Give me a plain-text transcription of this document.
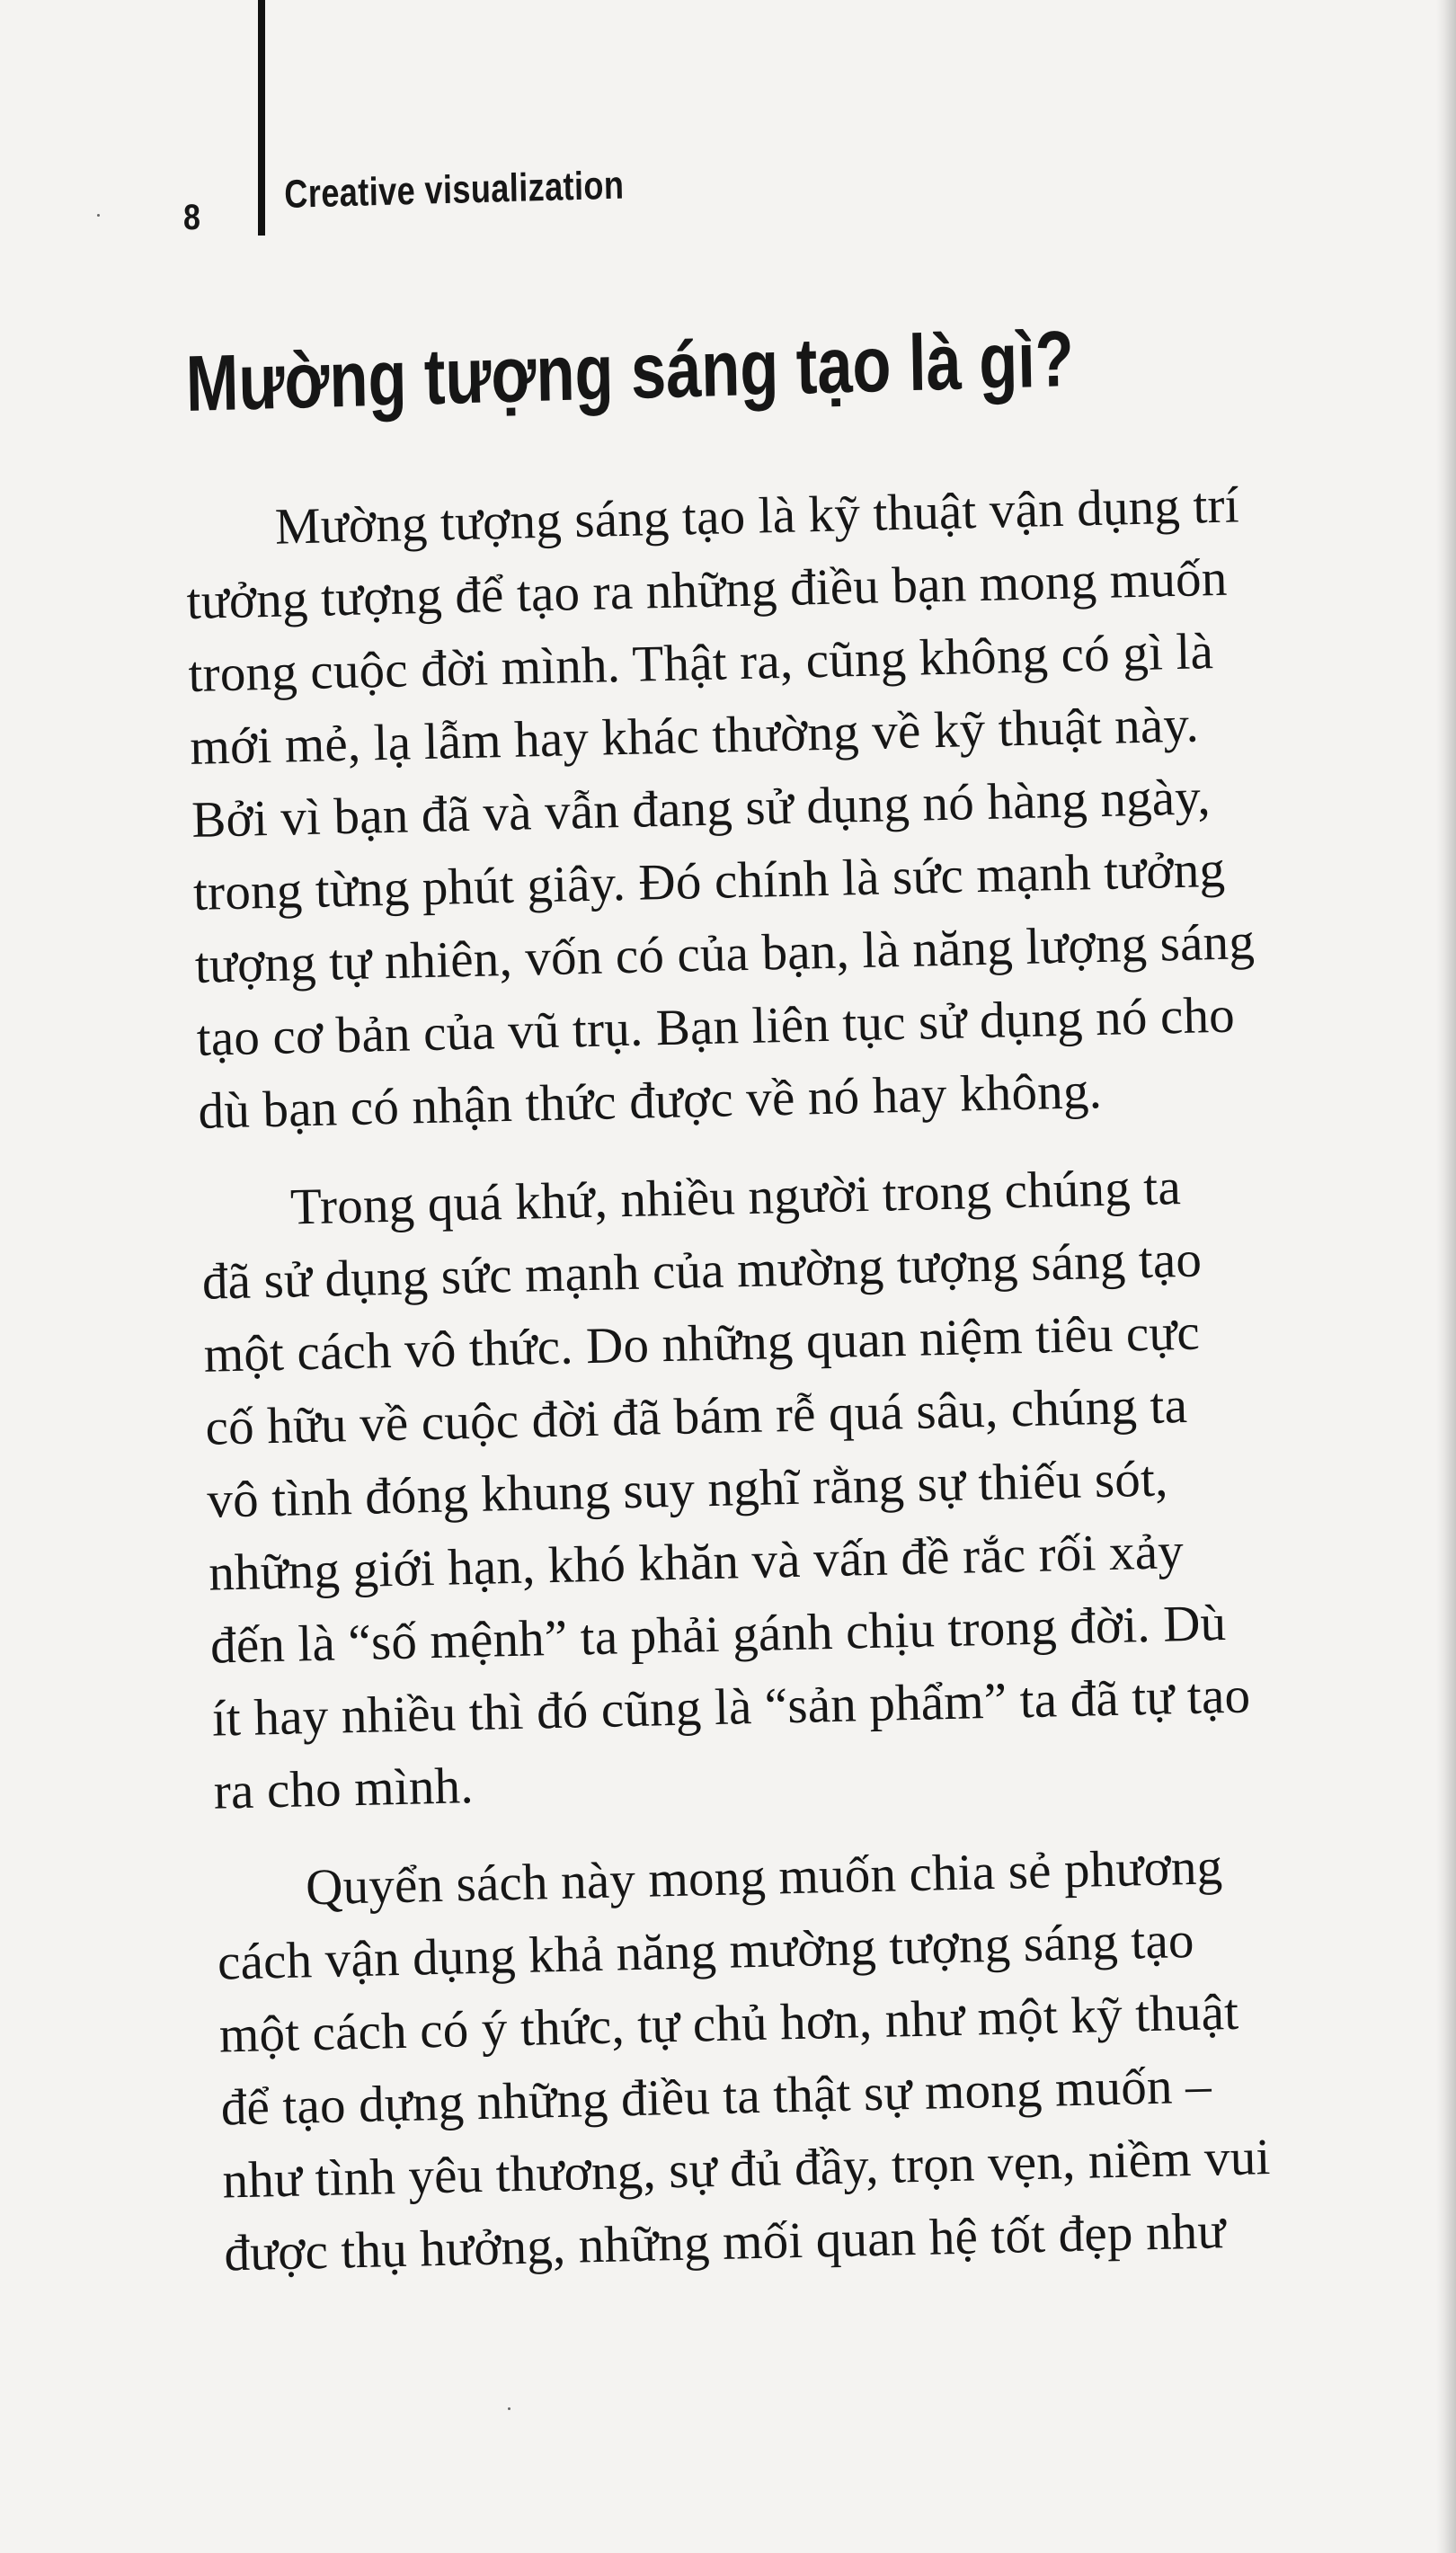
8
Creative visualization
Mường tượng sáng tạo là gì?
Mường tượng sáng tạo là kỹ thuật vận dụng trí
tưởng tượng để tạo ra những điều bạn mong muốn
trong cuộc đời mình. Thật ra, cũng không có gì là
mới mẻ, lạ lẫm hay khác thường về kỹ thuật này.
Bởi vì bạn đã và vẫn đang sử dụng nó hàng ngày,
trong từng phút giây. Đó chính là sức mạnh tưởng
tượng tự nhiên, vốn có của bạn, là năng lượng sáng
tạo cơ bản của vũ trụ. Bạn liên tục sử dụng nó cho
dù bạn có nhận thức được về nó hay không.
Trong quá khứ, nhiều người trong chúng ta
đã sử dụng sức mạnh của mường tượng sáng tạo
một cách vô thức. Do những quan niệm tiêu cực
cố hữu về cuộc đời đã bám rễ quá sâu, chúng ta
vô tình đóng khung suy nghĩ rằng sự thiếu sót,
những giới hạn, khó khăn và vấn đề rắc rối xảy
đến là “số mệnh” ta phải gánh chịu trong đời. Dù
ít hay nhiều thì đó cũng là “sản phẩm” ta đã tự tạo
ra cho mình.
Quyển sách này mong muốn chia sẻ phương
cách vận dụng khả năng mường tượng sáng tạo
một cách có ý thức, tự chủ hơn, như một kỹ thuật
để tạo dựng những điều ta thật sự mong muốn –
như tình yêu thương, sự đủ đầy, trọn vẹn, niềm vui
được thụ hưởng, những mối quan hệ tốt đẹp như
